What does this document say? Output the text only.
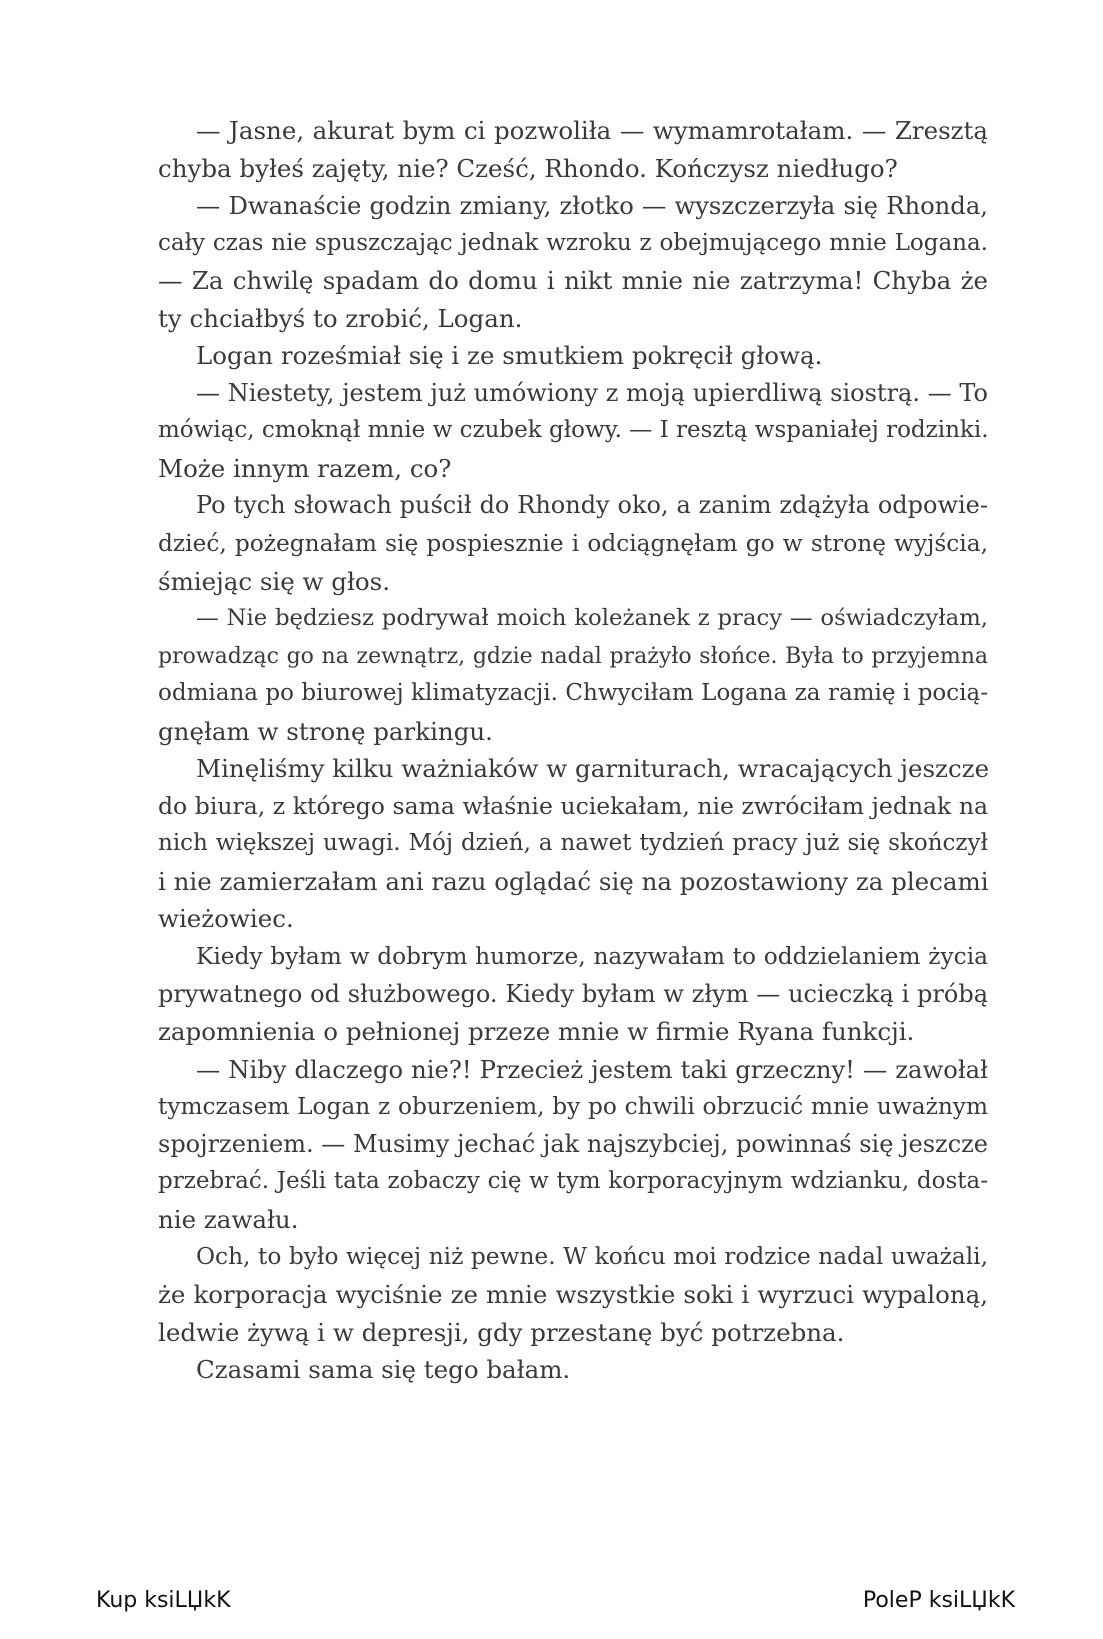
— Jasne, akurat bym ci pozwoliła — wymamrotałam. — Zresztą
chyba byłeś zajęty, nie? Cześć, Rhondo. Kończysz niedługo?
— Dwanaście godzin zmiany, złotko — wyszczerzyła się Rhonda,
cały czas nie spuszczając jednak wzroku z obejmującego mnie Logana.
— Za chwilę spadam do domu i nikt mnie nie zatrzyma! Chyba że
ty chciałbyś to zrobić, Logan.
Logan roześmiał się i ze smutkiem pokręcił głową.
— Niestety, jestem już umówiony z moją upierdliwą siostrą. — To
mówiąc, cmoknął mnie w czubek głowy. — I resztą wspaniałej rodzinki.
Może innym razem, co?
Po tych słowach puścił do Rhondy oko, a zanim zdążyła odpowie-
dzieć, pożegnałam się pospiesznie i odciągnęłam go w stronę wyjścia,
śmiejąc się w głos.
— Nie będziesz podrywał moich koleżanek z pracy — oświadczyłam,
prowadząc go na zewnątrz, gdzie nadal prażyło słońce. Była to przyjemna
odmiana po biurowej klimatyzacji. Chwyciłam Logana za ramię i pocią-
gnęłam w stronę parkingu.
Minęliśmy kilku ważniaków w garniturach, wracających jeszcze
do biura, z którego sama właśnie uciekałam, nie zwróciłam jednak na
nich większej uwagi. Mój dzień, a nawet tydzień pracy już się skończył
i nie zamierzałam ani razu oglądać się na pozostawiony za plecami
wieżowiec.
Kiedy byłam w dobrym humorze, nazywałam to oddzielaniem życia
prywatnego od służbowego. Kiedy byłam w złym — ucieczką i próbą
zapomnienia o pełnionej przeze mnie w firmie Ryana funkcji.
— Niby dlaczego nie?! Przecież jestem taki grzeczny! — zawołał
tymczasem Logan z oburzeniem, by po chwili obrzucić mnie uważnym
spojrzeniem. — Musimy jechać jak najszybciej, powinnaś się jeszcze
przebrać. Jeśli tata zobaczy cię w tym korporacyjnym wdzianku, dosta-
nie zawału.
Och, to było więcej niż pewne. W końcu moi rodzice nadal uważali,
że korporacja wyciśnie ze mnie wszystkie soki i wyrzuci wypaloną,
ledwie żywą i w depresji, gdy przestanę być potrzebna.
Czasami sama się tego bałam.
Kup ksiLЏkK	PoleP ksiLЏkK
